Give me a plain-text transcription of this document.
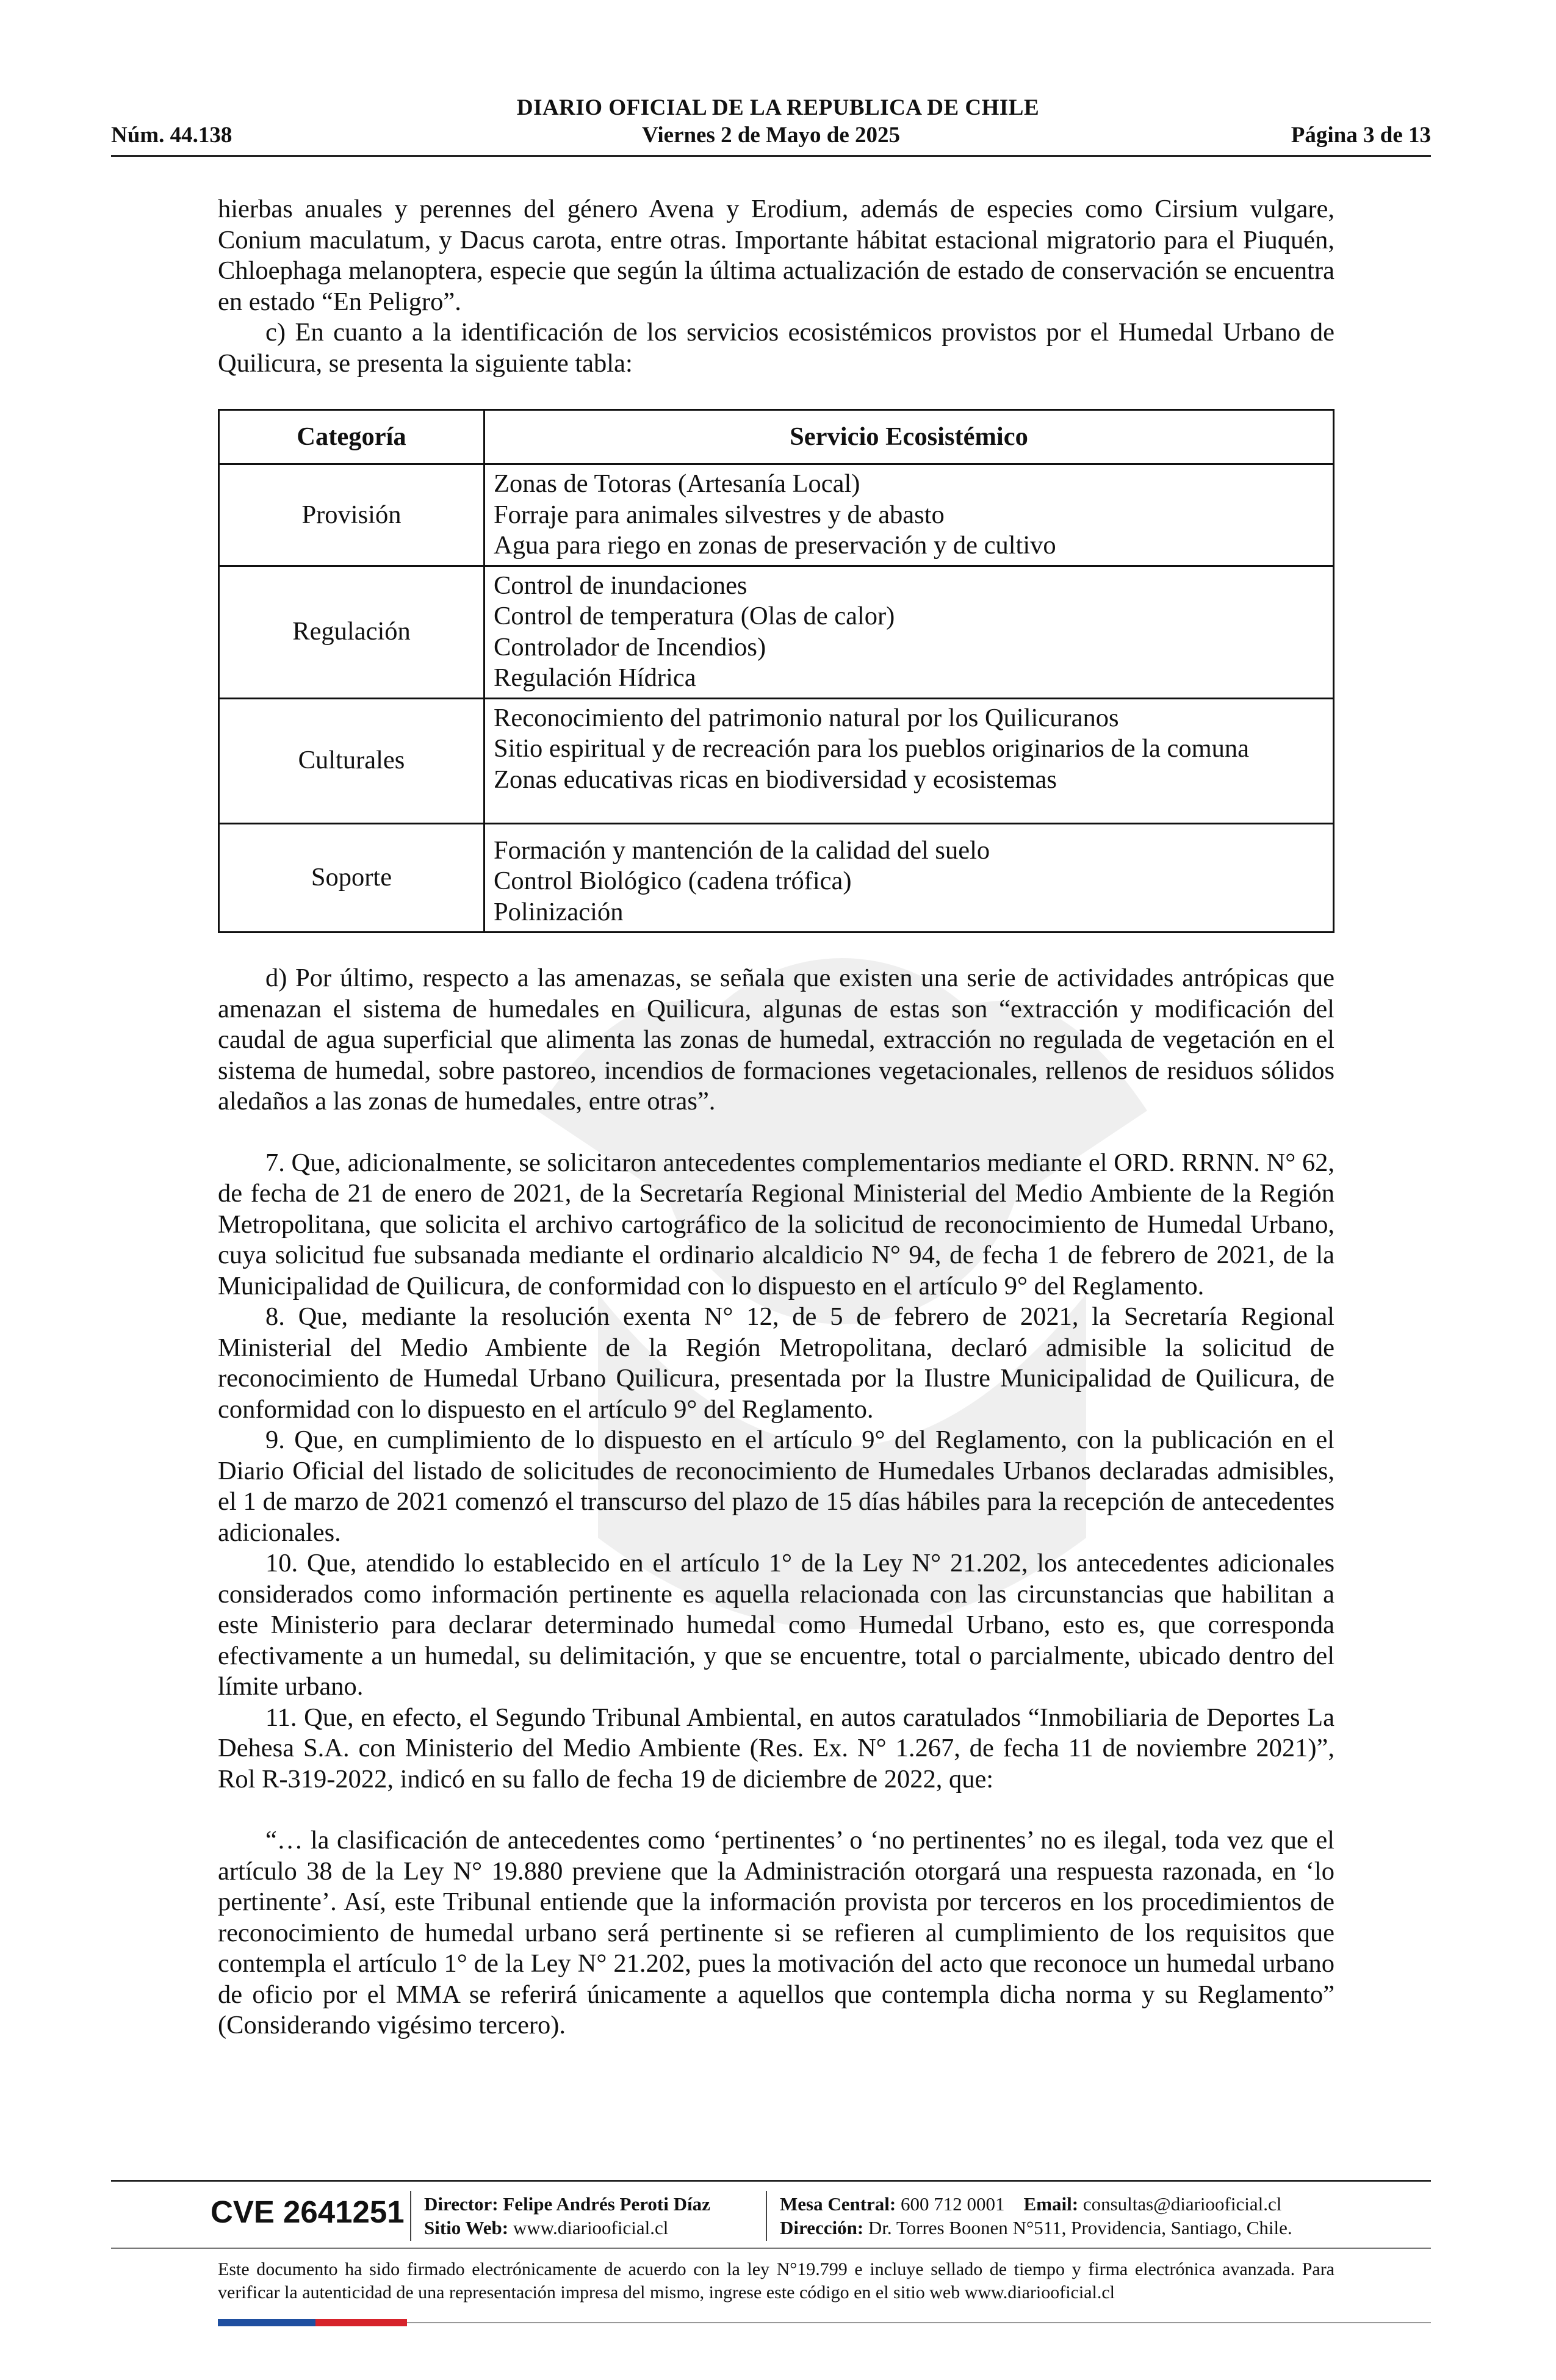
DIARIO OFICIAL DE LA REPUBLICA DE CHILE
Núm. 44.138	Viernes 2 de Mayo de 2025	Página 3 de 13

hierbas anuales y perennes del género Avena y Erodium, además de especies como Cirsium vulgare, Conium maculatum, y Dacus carota, entre otras. Importante hábitat estacional migratorio para el Piuquén, Chloephaga melanoptera, especie que según la última actualización de estado de conservación se encuentra en estado “En Peligro”.

c) En cuanto a la identificación de los servicios ecosistémicos provistos por el Humedal Urbano de Quilicura, se presenta la siguiente tabla:

Categoría	Servicio Ecosistémico
Provisión	Zonas de Totoras (Artesanía Local)
Forraje para animales silvestres y de abasto
Agua para riego en zonas de preservación y de cultivo

Regulación	Control de inundaciones
Control de temperatura (Olas de calor)
Controlador de Incendios)
Regulación Hídrica

Culturales	Reconocimiento del patrimonio natural por los Quilicuranos
Sitio espiritual y de recreación para los pueblos originarios de la comuna
Zonas educativas ricas en biodiversidad y ecosistemas

Soporte	Formación y mantención de la calidad del suelo
Control Biológico (cadena trófica)
Polinización

d) Por último, respecto a las amenazas, se señala que existen una serie de actividades antrópicas que amenazan el sistema de humedales en Quilicura, algunas de estas son “extracción y modificación del caudal de agua superficial que alimenta las zonas de humedal, extracción no regulada de vegetación en el sistema de humedal, sobre pastoreo, incendios de formaciones vegetacionales, rellenos de residuos sólidos aledaños a las zonas de humedales, entre otras”.

7. Que, adicionalmente, se solicitaron antecedentes complementarios mediante el ORD. RRNN. N° 62, de fecha de 21 de enero de 2021, de la Secretaría Regional Ministerial del Medio Ambiente de la Región Metropolitana, que solicita el archivo cartográfico de la solicitud de reconocimiento de Humedal Urbano, cuya solicitud fue subsanada mediante el ordinario alcaldicio N° 94, de fecha 1 de febrero de 2021, de la Municipalidad de Quilicura, de conformidad con lo dispuesto en el artículo 9° del Reglamento.

8. Que, mediante la resolución exenta N° 12, de 5 de febrero de 2021, la Secretaría Regional Ministerial del Medio Ambiente de la Región Metropolitana, declaró admisible la solicitud de reconocimiento de Humedal Urbano Quilicura, presentada por la Ilustre Municipalidad de Quilicura, de conformidad con lo dispuesto en el artículo 9° del Reglamento.

9. Que, en cumplimiento de lo dispuesto en el artículo 9° del Reglamento, con la publicación en el Diario Oficial del listado de solicitudes de reconocimiento de Humedales Urbanos declaradas admisibles, el 1 de marzo de 2021 comenzó el transcurso del plazo de 15 días hábiles para la recepción de antecedentes adicionales.

10. Que, atendido lo establecido en el artículo 1° de la Ley N° 21.202, los antecedentes adicionales considerados como información pertinente es aquella relacionada con las circunstancias que habilitan a este Ministerio para declarar determinado humedal como Humedal Urbano, esto es, que corresponda efectivamente a un humedal, su delimitación, y que se encuentre, total o parcialmente, ubicado dentro del límite urbano.

11. Que, en efecto, el Segundo Tribunal Ambiental, en autos caratulados “Inmobiliaria de Deportes La Dehesa S.A. con Ministerio del Medio Ambiente (Res. Ex. N° 1.267, de fecha 11 de noviembre 2021)”, Rol R-319-2022, indicó en su fallo de fecha 19 de diciembre de 2022, que:

“… la clasificación de antecedentes como ‘pertinentes’ o ‘no pertinentes’ no es ilegal, toda vez que el artículo 38 de la Ley N° 19.880 previene que la Administración otorgará una respuesta razonada, en ‘lo pertinente’. Así, este Tribunal entiende que la información provista por terceros en los procedimientos de reconocimiento de humedal urbano será pertinente si se refieren al cumplimiento de los requisitos que contempla el artículo 1° de la Ley N° 21.202, pues la motivación del acto que reconoce un humedal urbano de oficio por el MMA se referirá únicamente a aquellos que contempla dicha norma y su Reglamento” (Considerando vigésimo tercero).

CVE 2641251 Director: Felipe Andrés Peroti Díaz
Sitio Web: www.diariooficial.cl
Mesa Central: 600 712 0001 Email: consultas@diariooficial.cl
Dirección: Dr. Torres Boonen N°511, Providencia, Santiago, Chile.
Este documento ha sido firmado electrónicamente de acuerdo con la ley N°19.799 e incluye sellado de tiempo y firma electrónica avanzada. Para verificar la autenticidad de una representación impresa del mismo, ingrese este código en el sitio web www.diariooficial.cl
